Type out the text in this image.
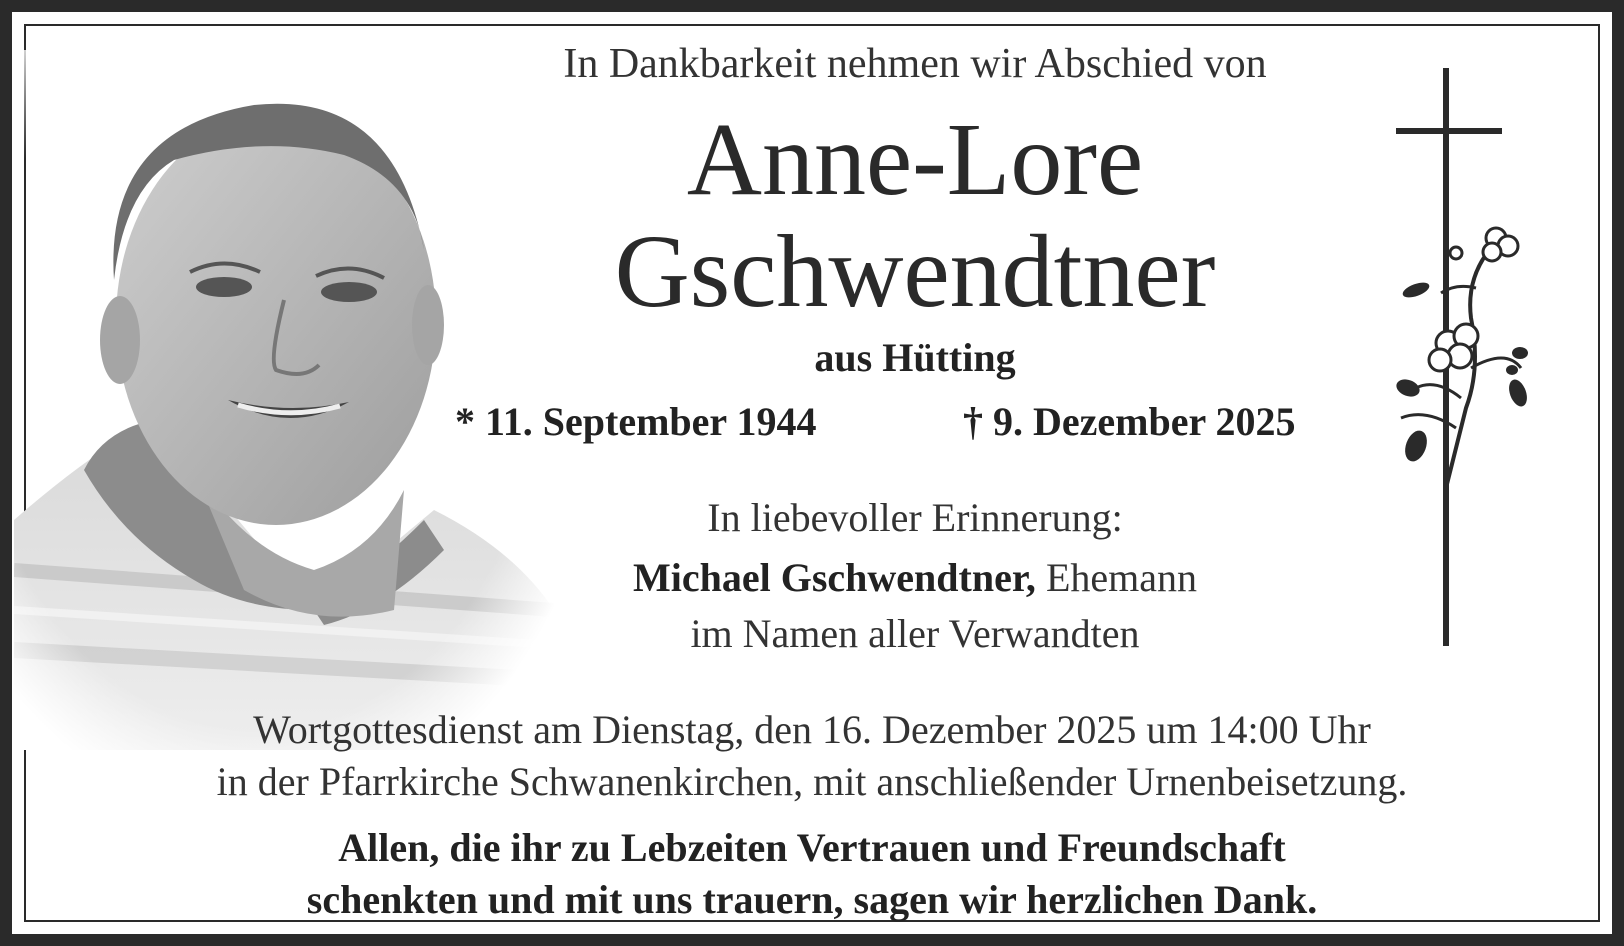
In Dankbarkeit nehmen wir Abschied von
Anne-Lore
Gschwendtner
aus Hütting
* 11. September 1944	† 9. Dezember 2025
In liebevoller Erinnerung:
Michael Gschwendtner, Ehemann
im Namen aller Verwandten
Wortgottesdienst am Dienstag, den 16. Dezember 2025 um 14:00 Uhr
in der Pfarrkirche Schwanenkirchen, mit anschließender Urnenbeisetzung.
Allen, die ihr zu Lebzeiten Vertrauen und Freundschaft
schenkten und mit uns trauern, sagen wir herzlichen Dank.
